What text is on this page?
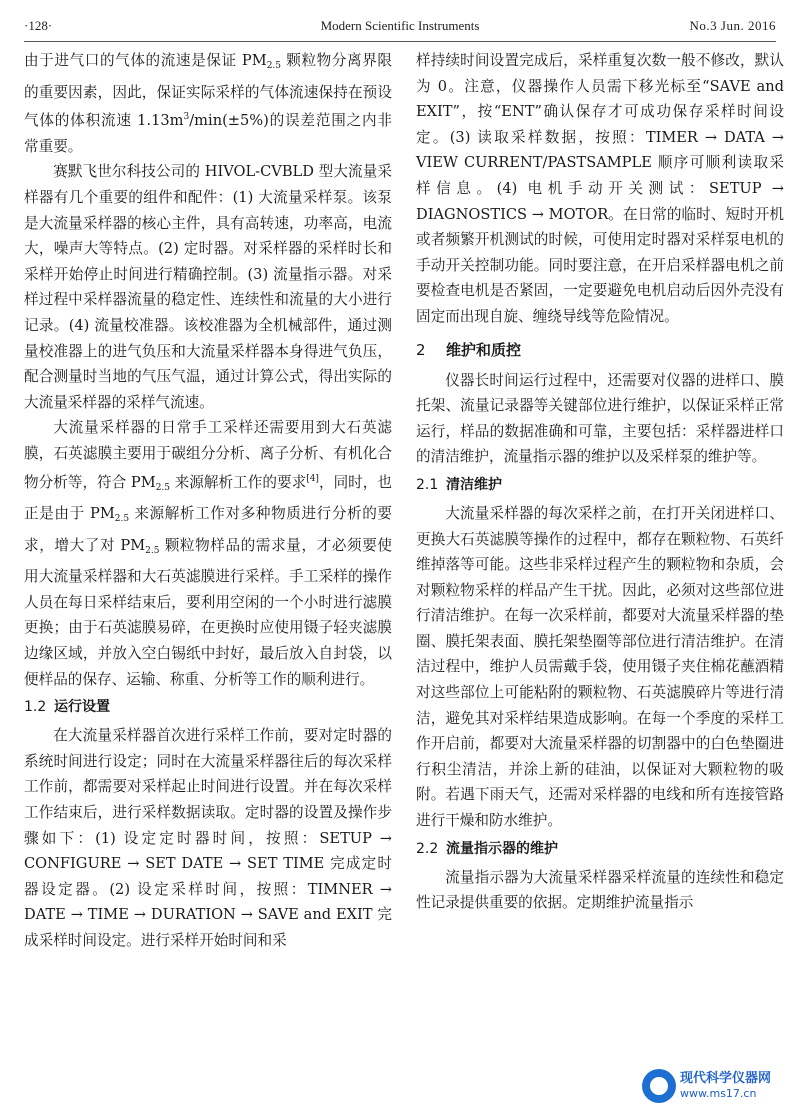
·128·	Modern Scientific Instruments	No.3 Jun. 2016

由于进气口的气体的流速是保证 $PM_{2.5}$ 颗粒物分离界限的重要因素，因此，保证实际采样的气体流速保持在预设气体的体积流速 $1.13m^3/\min(\pm 5\%)$的误差范围之内非常重要。

赛默飞世尔科技公司的 HIVOL-CVBLD 型大流量采样器有几个重要的组件和配件：(1) 大流量采样泵。该泵是大流量采样器的核心主件，具有高转速，功率高，电流大，噪声大等特点。(2) 定时器。对采样器的采样时长和采样开始停止时间进行精确控制。(3) 流量指示器。对采样过程中采样器流量的稳定性、连续性和流量的大小进行记录。(4) 流量校准器。该校准器为全机械部件，通过测量校准器上的进气负压和大流量采样器本身得进气负压，配合测量时当地的气压气温，通过计算公式，得出实际的大流量采样器的采样气流速。

大流量采样器的日常手工采样还需要用到大石英滤膜，石英滤膜主要用于碳组分分析、离子分析、有机化合物分析等，符合 $PM_{2.5}$ 来源解析工作的要求[4]，同时，也正是由于 $PM_{2.5}$ 来源解析工作对多种物质进行分析的要求，增大了对 $PM_{2.5}$ 颗粒物样品的需求量，才必须要使用大流量采样器和大石英滤膜进行采样。手工采样的操作人员在每日采样结束后，要利用空闲的一个小时进行滤膜更换；由于石英滤膜易碎，在更换时应使用镊子轻夹滤膜边缘区域，并放入空白锡纸中封好，最后放入自封袋，以便样品的保存、运输、称重、分析等工作的顺利进行。

1.2 运行设置

在大流量采样器首次进行采样工作前，要对定时器的系统时间进行设定；同时在大流量采样器往后的每次采样工作前，都需要对采样起止时间进行设置。并在每次采样工作结束后，进行采样数据读取。定时器的设置及操作步骤如下：(1) 设定定时器时间，按照：SETUP → CONFIGURE → SET DATE → SET TIME 完成定时器设定器。(2) 设定采样时间，按照：TIMNER → DATE → TIME → DURATION → SAVE and EXIT 完成采样时间设定。进行采样开始时间和采

样持续时间设置完成后，采样重复次数一般不修改，默认为 0。注意，仪器操作人员需下移光标至“SAVE and EXIT”，按“ENT”确认保存才可成功保存采样时间设定。(3) 读取采样数据，按照：TIMER → DATA → VIEW CURRENT/PASTSAMPLE 顺序可顺利读取采样信息。(4) 电机手动开关测试：SETUP → DIAGNOSTICS → MOTOR。在日常的临时、短时开机或者频繁开机测试的时候，可使用定时器对采样泵电机的手动开关控制功能。同时要注意，在开启采样器电机之前要检查电机是否紧固，一定要避免电机启动后因外壳没有固定而出现自旋、缠绕导线等危险情况。

2 维护和质控

仪器长时间运行过程中，还需要对仪器的进样口、膜托架、流量记录器等关键部位进行维护，以保证采样正常运行，样品的数据准确和可靠，主要包括：采样器进样口的清洁维护，流量指示器的维护以及采样泵的维护等。

2.1 清洁维护

大流量采样器的每次采样之前，在打开关闭进样口、更换大石英滤膜等操作的过程中，都存在颗粒物、石英纤维掉落等可能。这些非采样过程产生的颗粒物和杂质，会对颗粒物采样的样品产生干扰。因此，必须对这些部位进行清洁维护。在每一次采样前，都要对大流量采样器的垫圈、膜托架表面、膜托架垫圈等部位进行清洁维护。在清洁过程中，维护人员需戴手袋，使用镊子夹住棉花蘸酒精对这些部位上可能粘附的颗粒物、石英滤膜碎片等进行清洁，避免其对采样结果造成影响。在每一个季度的采样工作开启前，都要对大流量采样器的切割器中的白色垫圈进行积尘清洁，并涂上新的硅油，以保证对大颗粒物的吸附。若遇下雨天气，还需对采样器的电线和所有连接管路进行干燥和防水维护。

2.2 流量指示器的维护

流量指示器为大流量采样器采样流量的连续性和稳定性记录提供重要的依据。定期维护流量指示

现代科学仪器网
www.ms17.cn
